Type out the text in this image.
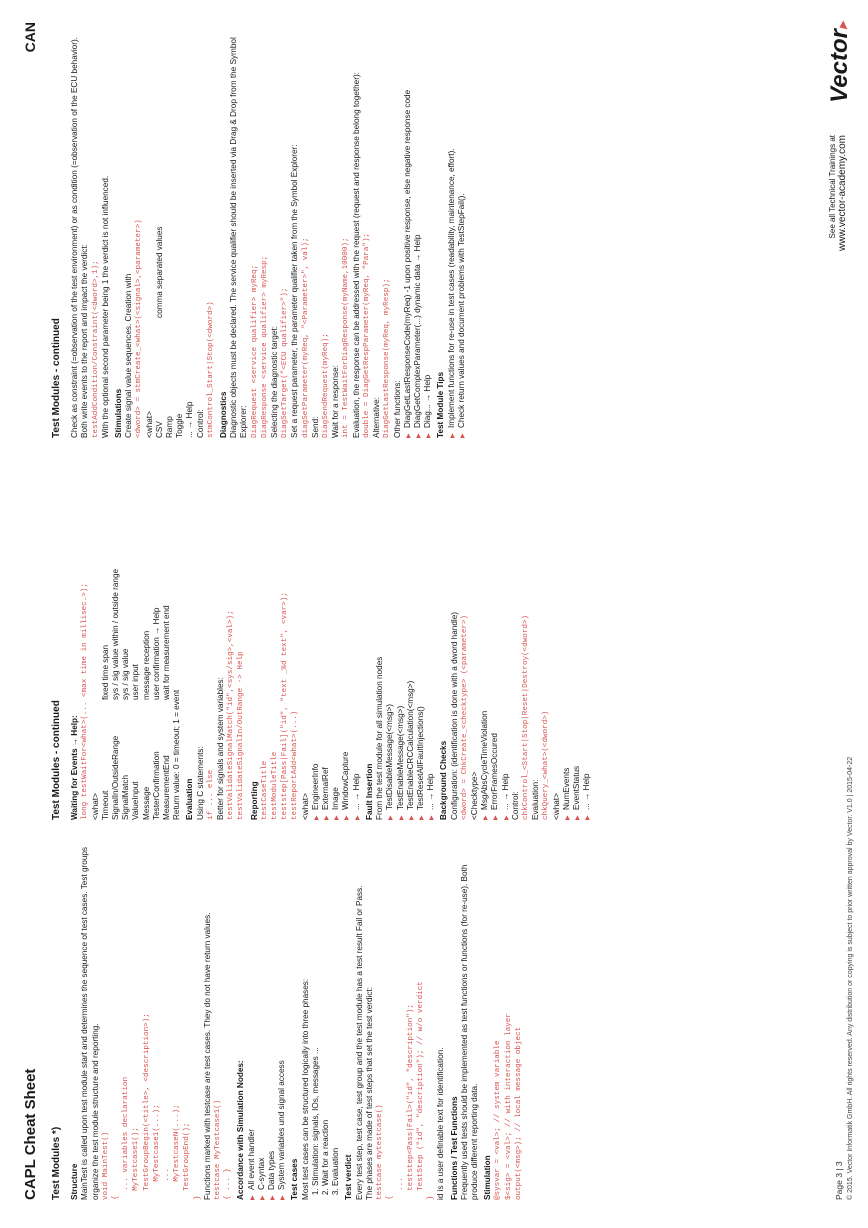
CAPL Cheat Sheet
CAN
Test Modules *) Structure MainTest is called upon test module start and determines the sequence of test cases. Test groups organize the test module structure and reporting. void MainTest()
{
... variables declaration
MyTestcase1();
TestGroupBegin(<title>, <description>);
MyTestcase1(...);
...
MyTestcaseN(...);
TestGroupEnd();
} Functions marked with testcase are test cases. They do not have return values. testcase MyTestcase1()
{ ... } Accordance with Simulation Nodes: ▶ All event handler ▶ C-syntax ▶ Data types ▶ System variables und signal access Test cases Most test cases can be structured logically into three phases: 1. Stimulation: signals, IOs, messages ... 2. Wait for a reaction 3. Evaluation Test verdict Every test step, test case, test group and the test module has a test result Fail or Pass. The phases are made of test steps that set the test verdict: testcase mytestcase()
{
...
teststep<Pass|Fail>("id", "description");
TestStep ("id", "description"); // w/o verdict
} id is a user definable text for identification. Functions / Test Functions Frequently used tests should be implemented as test functions or functions (for re-use). Both produce different reporting data. Stimulation @sysvar = <val>; // system variable
$<sig> = <val>; // with interaction layer
output(<msg>); // local message object
Test Modules - continued Waiting for Events → Help: long testWaitFor<what>(... <max time in millisec.>); <what> Timeout
fixed time span
SignalIn/OutsideRange
sys / sig value within / outside range
SignalMatch
sys / sig value
ValueInput
user input
Message
message reception
TesterConfirmation
user confirmation → Help
MeasurementEnd
wait for measurement end

Return value: 0 = timeout; 1 = event Evaluation Using C statements: if ... else Better for signals and system variables: testValidateSignalMatch("id",<sys/sig>,<val>);
testValidateSignalIn/OutRange -> Help
Reporting testCaseTitle
testModuleTitle
teststep[Pass|Fail]("id", "text _%d text", <var>);
testReportAdd<what>(...) <what> ▶ EngineerInfo ▶ ExternalRef ▶ Image ▶ WindowCapture ▶ ... → Help Fault Insertion From the test module for all simulation nodes ▶ TestDisableMessage(<msg>) ▶ TestEnableMessage(<msg>) ▶ TestEnableCRCCalculation(<msg>) ▶ TestResetAllFaultInjections() ▶ ... → Help Background Checks Configuration: (identification is done with a dword handle) <dword> = ChkCreate_<checktype> (<parameter>) <Checktype> ▶ MsgAbsCycleTimeViolation ▶ ErrorFramesOccured ▶ ... → Help Control: chkControl_<Start|Stop|Reset|Destroy(<dword>) Evaluation: chkQuery_<what>(<dword>) <what> ▶ NumEvents ▶ EventStatus ▶ ... → Help
Test Modules - continued Check as constraint (=observation of the test environment) or as condition (=observation of the ECU behavior). Both write events to the report and impact the verdict: testAddCondition/Constraint(<dword>,1); With the optional second parameter being 1 the verdict is not influenced. Stimulations Create signal value sequences. Creation with <dword> = stmCreate_<what>(<signal>,<parameter>) <what> CSV
comma separated values
Ramp Toggle ... → Help Control: stmControl_Start|Stop(<dword>) Diagnostics Diagnostic objects must be declared. The service qualifier should be inserted via Drag & Drop from the Symbol Explorer: DiagRequest <service qualifier> myReq;
DiagResponse <service qualifier> myResp;

Selecting the diagnostic target: DiagSetTarget("<ECU qualifier>"); Set a request parameter, the parameter qualifier taken from the Symbol Explorer: diagSetParameter(myReq, "<Parameter>", val); Send: DiagSendRequest(myReq); Wait for a response: int = TestWaitForDiagResponse(myName,10000); Evaluation, the response can be addressed with the request (request and response belong together): double = DiagGetRespParameter(myReq, "Para"); Alternative: DiagGetLastResponse(myReq, myResp); Other functions: ▶ DiagGetLastResponseCode(myReq) -1 upon positive response, else negative response code ▶ DiagGetComplexParameter(...) dynamic data → Help ▶ Diag... → Help Test Module Tips ▶ Implement functions for re-use in test cases (readability, maintenance, effort). ▶ Check return values and document problems with TestStepFail().
Page 3 | 3 © 2015. Vector Informatik GmbH. All rights reserved. Any distribution or copying is subject to prior written approval by Vector. V1.0 | 2015-04-22
See all Technical Trainings at www.vector-academy.com
Vector▸
